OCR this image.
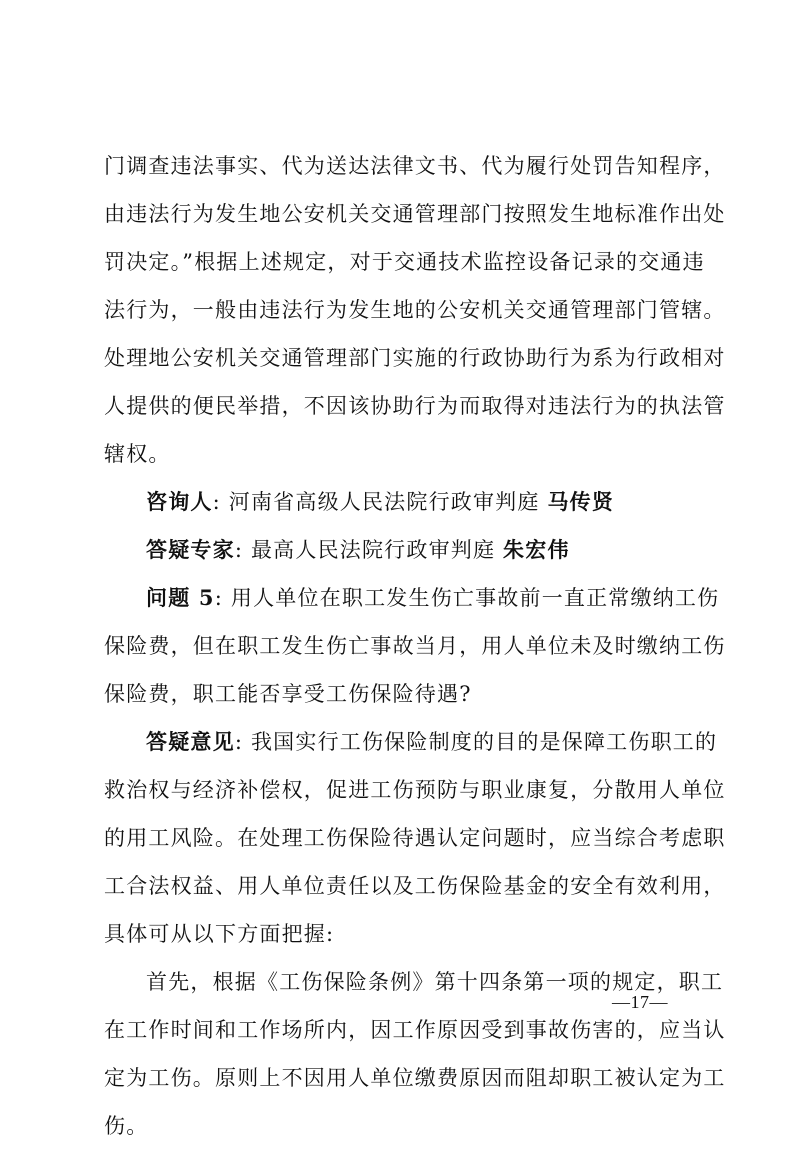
门调查违法事实、代为送达法律文书、代为履行处罚告知程序，
由违法行为发生地公安机关交通管理部门按照发生地标准作出处
罚决定。”根据上述规定，对于交通技术监控设备记录的交通违
法行为，一般由违法行为发生地的公安机关交通管理部门管辖。
处理地公安机关交通管理部门实施的行政协助行为系为行政相对
人提供的便民举措，不因该协助行为而取得对违法行为的执法管
辖权。
咨询人: 河南省高级人民法院行政审判庭 马传贤
答疑专家: 最高人民法院行政审判庭 朱宏伟
问题 5: 用人单位在职工发生伤亡事故前一直正常缴纳工伤
保险费，但在职工发生伤亡事故当月，用人单位未及时缴纳工伤
保险费，职工能否享受工伤保险待遇?
答疑意见: 我国实行工伤保险制度的目的是保障工伤职工的
救治权与经济补偿权，促进工伤预防与职业康复，分散用人单位
的用工风险。在处理工伤保险待遇认定问题时，应当综合考虑职
工合法权益、用人单位责任以及工伤保险基金的安全有效利用，
具体可从以下方面把握:
首先，根据《工伤保险条例》第十四条第一项的规定，职工
在工作时间和工作场所内，因工作原因受到事故伤害的，应当认
定为工伤。原则上不因用人单位缴费原因而阻却职工被认定为工
伤。
—17—
